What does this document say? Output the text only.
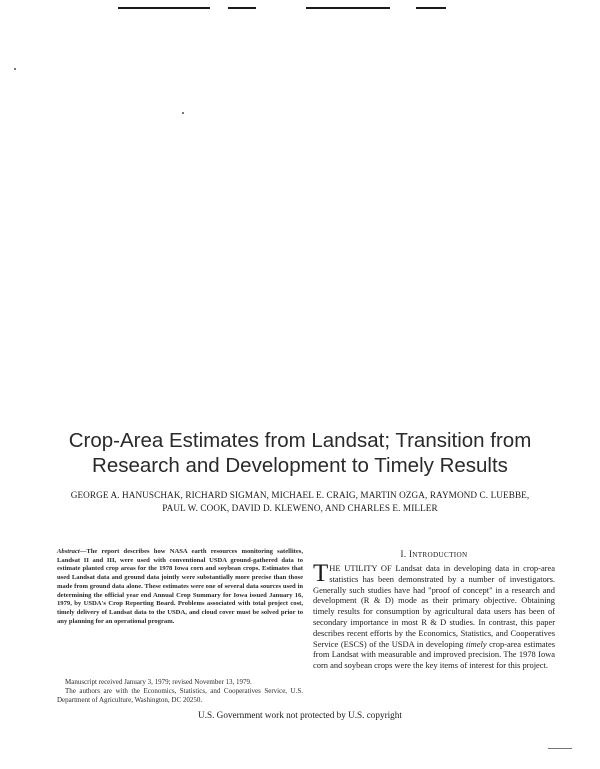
Crop-Area Estimates from Landsat; Transition from
Research and Development to Timely Results
GEORGE A. HANUSCHAK, RICHARD SIGMAN, MICHAEL E. CRAIG, MARTIN OZGA, RAYMOND C. LUEBBE,
PAUL W. COOK, DAVID D. KLEWENO, AND CHARLES E. MILLER

Abstract—The report describes how NASA earth resources monitoring satellites, Landsat II and III, were used with conventional USDA ground-gathered data to estimate planted crop areas for the 1978 Iowa corn and soybean crops. Estimates that used Landsat data and ground data jointly were substantially more precise than those made from ground data alone. These estimates were one of several data sources used in determining the official year end Annual Crop Summary for Iowa issued January 16, 1979, by USDA's Crop Reporting Board. Problems associated with total project cost, timely delivery of Landsat data to the USDA, and cloud cover must be solved prior to any planning for an operational program.

Manuscript received January 3, 1979; revised November 13, 1979.

The authors are with the Economics, Statistics, and Cooperatives Service, U.S. Department of Agriculture, Washington, DC 20250.

I. INTRODUCTION

THE UTILITY OF Landsat data in developing data in crop-area statistics has been demonstrated by a number of investigators. Generally such studies have had "proof of concept" in a research and development (R & D) mode as their primary objective. Obtaining timely results for consumption by agricultural data users has been of secondary importance in most R & D studies. In contrast, this paper describes recent efforts by the Economics, Statistics, and Cooperatives Service (ESCS) of the USDA in developing timely crop-area estimates from Landsat with measurable and improved precision. The 1978 Iowa corn and soybean crops were the key items of interest for this project.

U.S. Government work not protected by U.S. copyright
